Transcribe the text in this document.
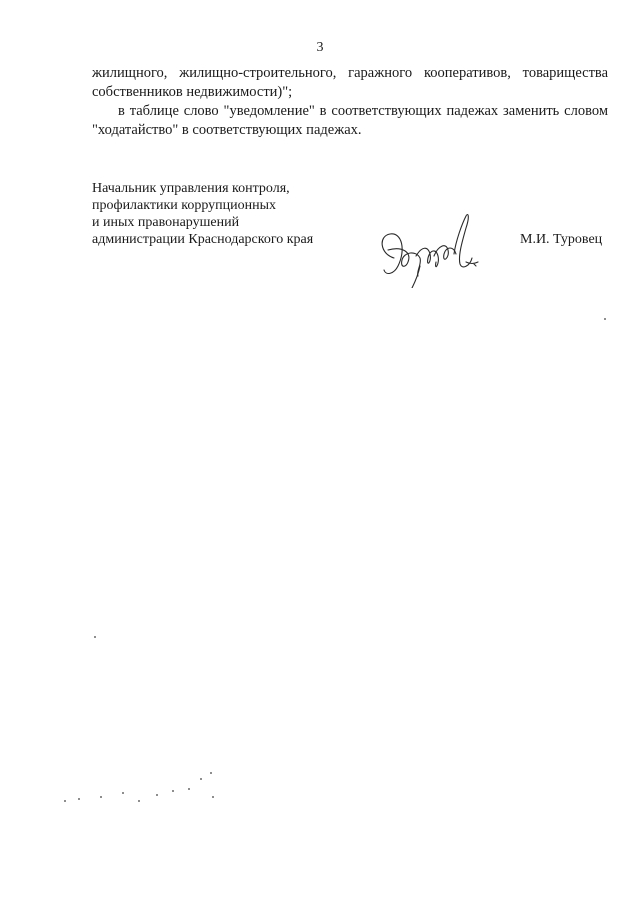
3

жилищного, жилищно-строительного, гаражного кооперативов, товарищества собственников недвижимости)";

в таблице слово "уведомление" в соответствующих падежах заменить словом "ходатайство" в соответствующих падежах.

Начальник управления контроля,
профилактики коррупционных
и иных правонарушений
администрации Краснодарского края	М.И. Туровец
